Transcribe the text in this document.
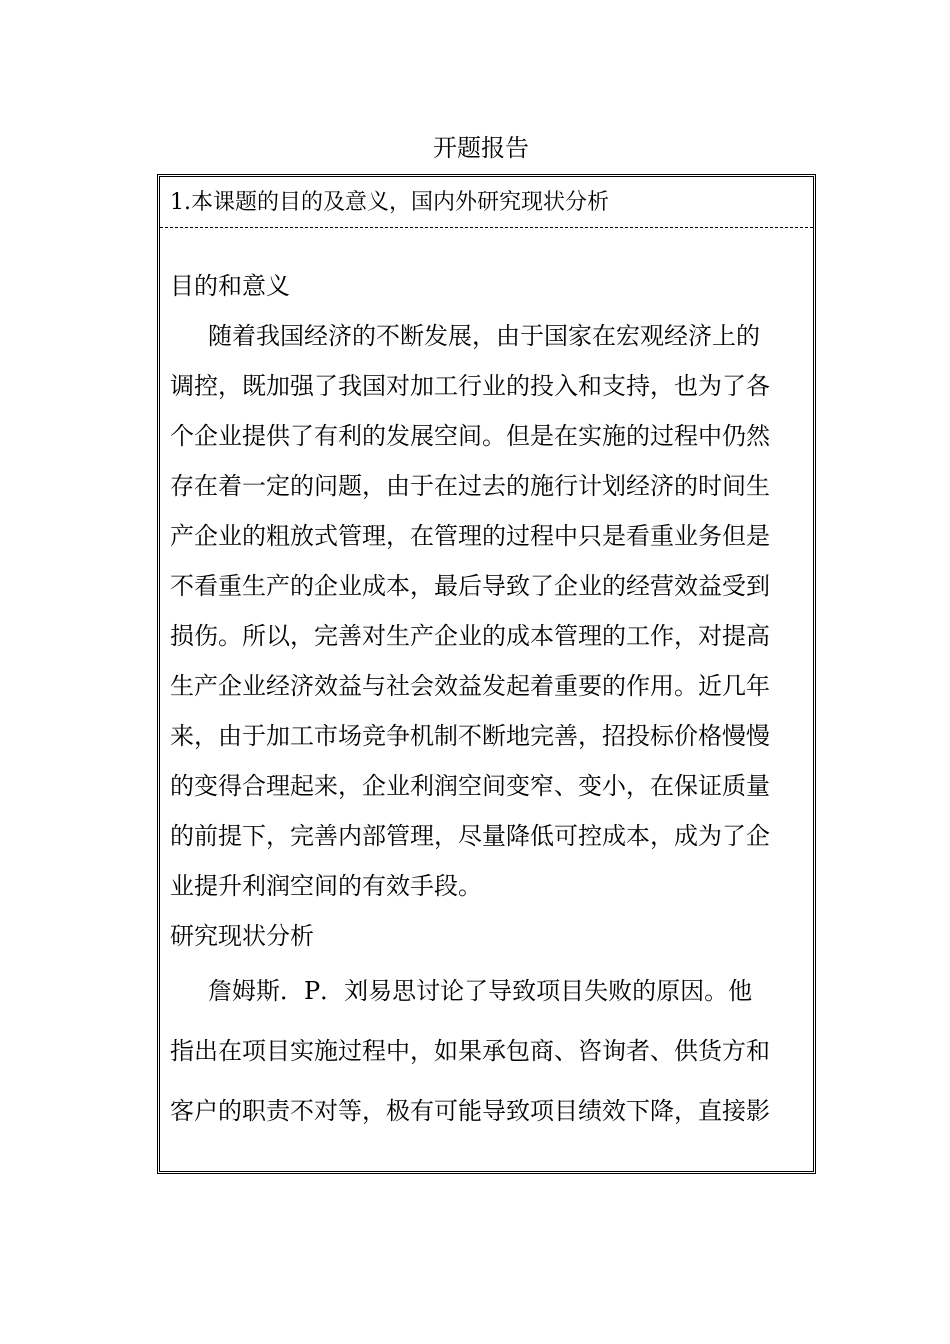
开题报告
1.本课题的目的及意义，国内外研究现状分析
目的和意义
随着我国经济的不断发展，由于国家在宏观经济上的
调控，既加强了我国对加工行业的投入和支持，也为了各
个企业提供了有利的发展空间。但是在实施的过程中仍然
存在着一定的问题，由于在过去的施行计划经济的时间生
产企业的粗放式管理，在管理的过程中只是看重业务但是
不看重生产的企业成本，最后导致了企业的经营效益受到
损伤。所以，完善对生产企业的成本管理的工作，对提高
生产企业经济效益与社会效益发起着重要的作用。近几年
来，由于加工市场竞争机制不断地完善，招投标价格慢慢
的变得合理起来，企业利润空间变窄、变小，在保证质量
的前提下，完善内部管理，尽量降低可控成本，成为了企
业提升利润空间的有效手段。
研究现状分析
詹姆斯．P．刘易思讨论了导致项目失败的原因。他
指出在项目实施过程中，如果承包商、咨询者、供货方和
客户的职责不对等，极有可能导致项目绩效下降，直接影
